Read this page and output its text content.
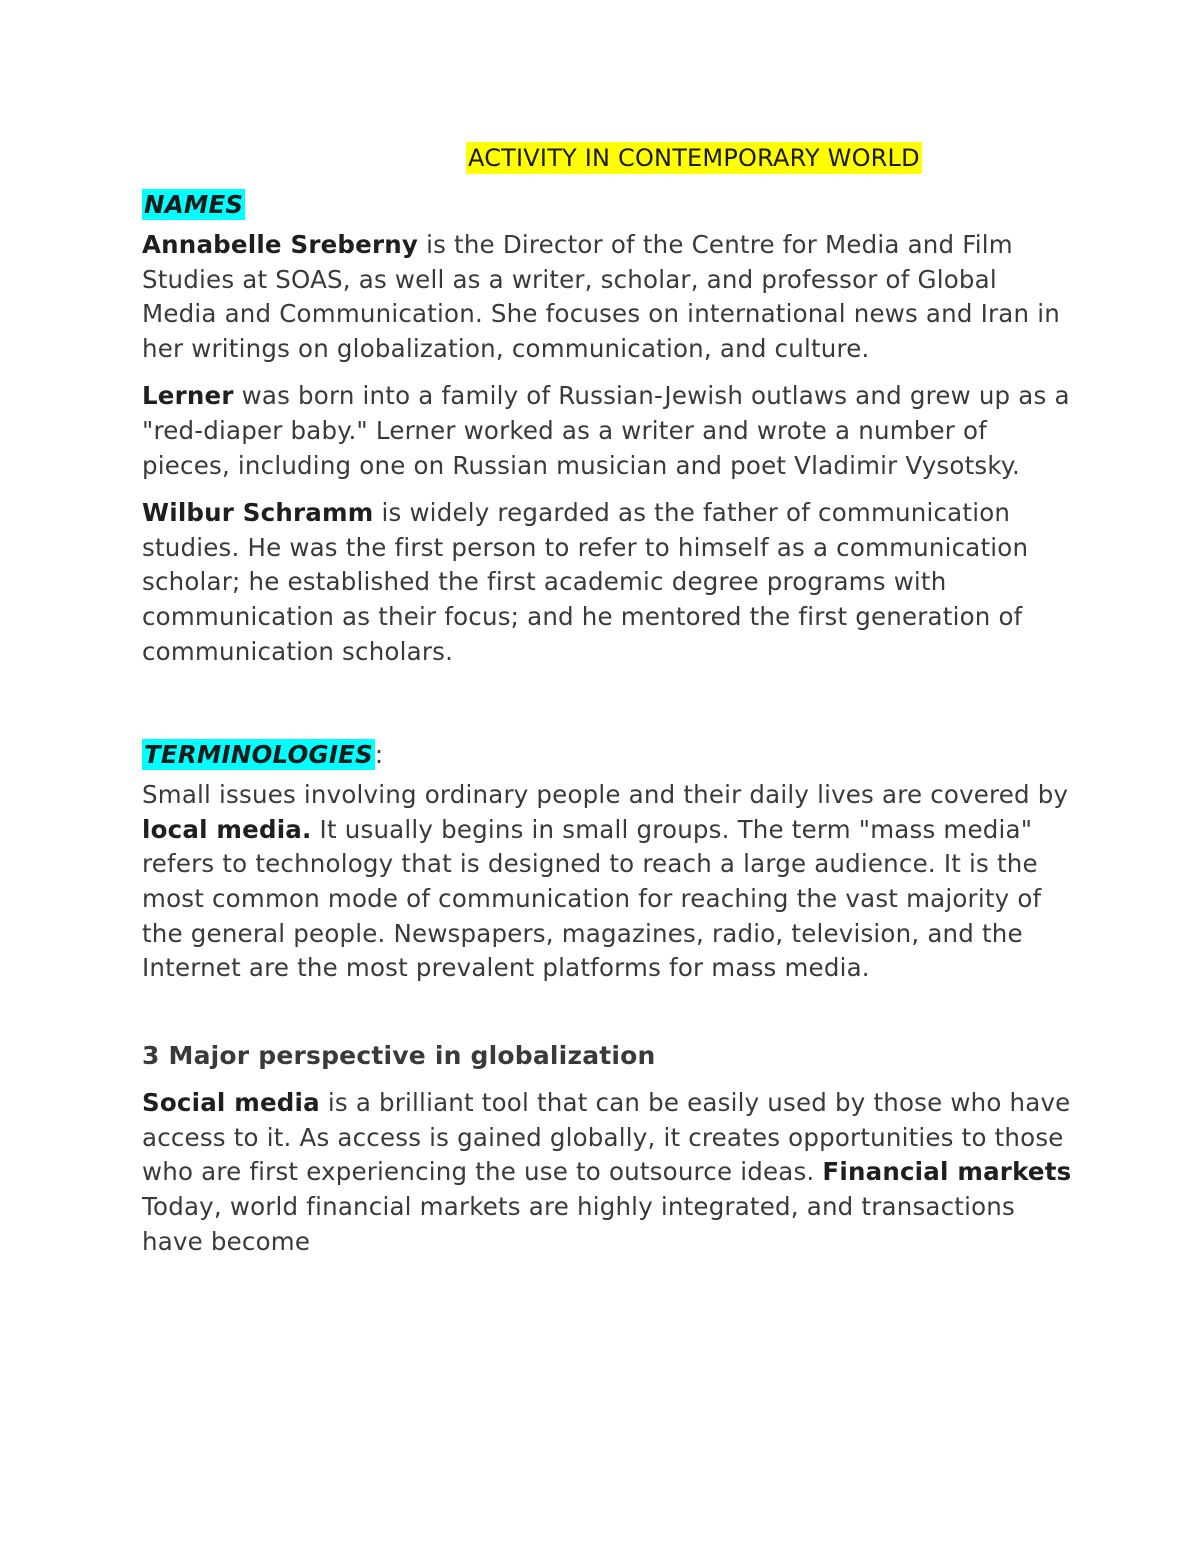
ACTIVITY IN CONTEMPORARY WORLD
NAMES

Annabelle Sreberny is the Director of the Centre for Media and Film Studies at SOAS, as well as a writer, scholar, and professor of Global Media and Communication. She focuses on international news and Iran in her writings on globalization, communication, and culture.

Lerner was born into a family of Russian-Jewish outlaws and grew up as a "red-diaper baby." Lerner worked as a writer and wrote a number of pieces, including one on Russian musician and poet Vladimir Vysotsky.

Wilbur Schramm is widely regarded as the father of communication studies. He was the first person to refer to himself as a communication scholar; he established the first academic degree programs with communication as their focus; and he mentored the first generation of communication scholars.

TERMINOLOGIES:

Small issues involving ordinary people and their daily lives are covered by local media. It usually begins in small groups. The term "mass media" refers to technology that is designed to reach a large audience. It is the most common mode of communication for reaching the vast majority of the general people. Newspapers, magazines, radio, television, and the Internet are the most prevalent platforms for mass media.

3 Major perspective in globalization

Social media is a brilliant tool that can be easily used by those who have access to it. As access is gained globally, it creates opportunities to those who are first experiencing the use to outsource ideas. Financial markets Today, world financial markets are highly integrated, and transactions have become
